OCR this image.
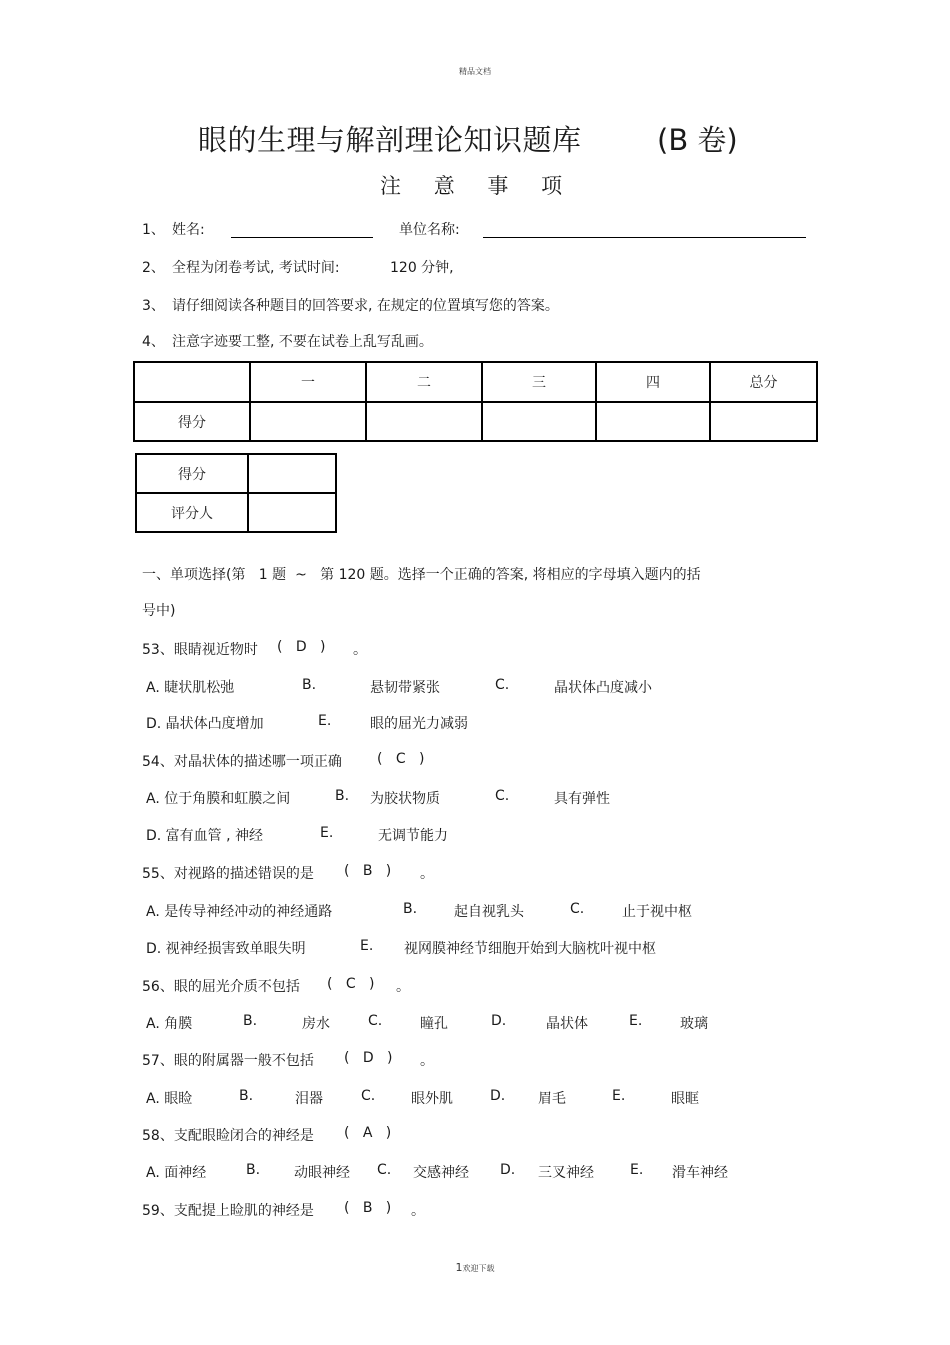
精品文档
眼的生理与解剖理论知识题库	(B 卷)
注 意 事 项
1、 姓名:	单位名称:
2、 全程为闭卷考试, 考试时间:	120 分钟,
3、 请仔细阅读各种题目的回答要求, 在规定的位置填写您的答案。
4、 注意字迹要工整, 不要在试卷上乱写乱画。
	一	二	三	四	总分
得分					
得分	
评分人	
一、单项选择(第   1 题  ~   第 120 题。选择一个正确的答案, 将相应的字母填入题内的括
号中)
53、眼睛视近物时 (   D   ) 。
A. 睫状肌松弛	B.	悬韧带紧张	C.	晶状体凸度减小
D. 晶状体凸度增加	E.	眼的屈光力减弱
54、对晶状体的描述哪一项正确	(   C   )
A. 位于角膜和虹膜之间	B. 为胶状物质	C.	具有弹性
D. 富有血管 , 神经	E.	无调节能力
55、对视路的描述错误的是 (   B   ) 。
A. 是传导神经冲动的神经通路	B.	起自视乳头	C.	止于视中枢
D. 视神经损害致单眼失明	E. 视网膜神经节细胞开始到大脑枕叶视中枢
56、眼的屈光介质不包括 (   C   ) 。
A. 角膜	B.	房水	C.	瞳孔	D.	晶状体	E.	玻璃
57、眼的附属器一般不包括 (   D   ) 。
A. 眼睑	B.	泪器	C.	眼外肌	D. 眉毛	E.	眼眶
58、支配眼睑闭合的神经是 (   A   )
A. 面神经	B. 动眼神经 C. 交感神经 D. 三叉神经	E. 滑车神经
59、支配提上睑肌的神经是 (   B   ) 。
1欢迎下载
